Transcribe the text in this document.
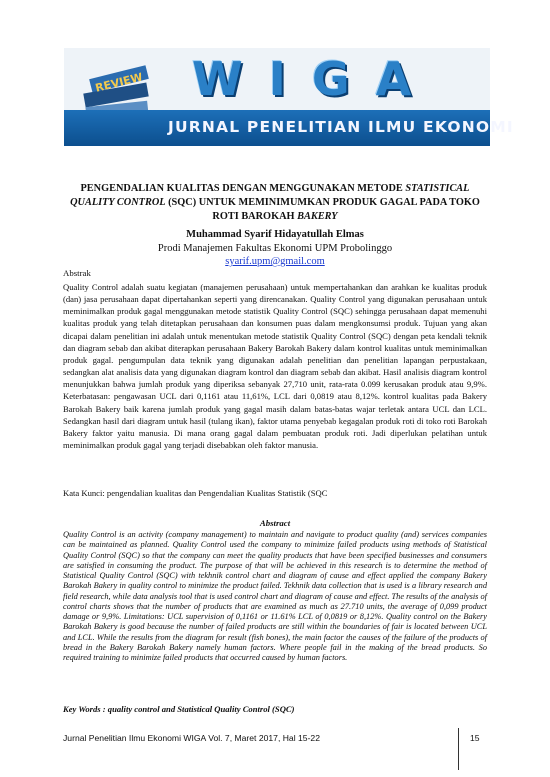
REVIEW WIGA
JURNAL PENELITIAN ILMU EKONOMI
PENGENDALIAN KUALITAS DENGAN MENGGUNAKAN METODE STATISTICAL QUALITY CONTROL (SQC) UNTUK MEMINIMUMKAN PRODUK GAGAL PADA TOKO ROTI BAROKAH BAKERY
Muhammad Syarif Hidayatullah Elmas
Prodi Manajemen Fakultas Ekonomi UPM Probolinggo
syarif.upm@gmail.com
Abstrak
Quality Control adalah suatu kegiatan (manajemen perusahaan) untuk mempertahankan dan arahkan ke kualitas produk (dan) jasa perusahaan dapat dipertahankan seperti yang direncanakan. Quality Control yang digunakan perusahaan untuk meminimalkan produk gagal menggunakan metode statistik Quality Control (SQC) sehingga perusahaan dapat memenuhi kualitas produk yang telah ditetapkan perusahaan dan konsumen puas dalam mengkonsumsi produk. Tujuan yang akan dicapai dalam penelitian ini adalah untuk menentukan metode statistik Quality Control (SQC) dengan peta kendali teknik dan diagram sebab dan akibat diterapkan perusahaan Bakery Barokah Bakery dalam kontrol kualitas untuk meminimalkan produk gagal. pengumpulan data teknik yang digunakan adalah penelitian dan penelitian lapangan perpustakaan, sedangkan alat analisis data yang digunakan diagram kontrol dan diagram sebab dan akibat. Hasil analisis diagram kontrol menunjukkan bahwa jumlah produk yang diperiksa sebanyak 27,710 unit, rata-rata 0.099 kerusakan produk atau 9,9%. Keterbatasan: pengawasan UCL dari 0,1161 atau 11,61%, LCL dari 0,0819 atau 8,12%. kontrol kualitas pada Bakery Barokah Bakery baik karena jumlah produk yang gagal masih dalam batas-batas wajar terletak antara UCL dan LCL. Sedangkan hasil dari diagram untuk hasil (tulang ikan), faktor utama penyebab kegagalan produk roti di toko roti Barokah Bakery faktor yaitu manusia. Di mana orang gagal dalam pembuatan produk roti. Jadi diperlukan pelatihan untuk meminimalkan produk gagal yang terjadi disebabkan oleh faktor manusia.
Kata Kunci: pengendalian kualitas dan Pengendalian Kualitas Statistik (SQC
Abstract
Quality Control is an activity (company management) to maintain and navigate to product quality (and) services companies can be maintained as planned. Quality Control used the company to minimize failed products using methods of Statistical Quality Control (SQC) so that the company can meet the quality products that have been specified businesses and consumers are satisfied in consuming the product. The purpose of that will be achieved in this research is to determine the method of Statistical Quality Control (SQC) with tekhnik control chart and diagram of cause and effect applied the company Bakery Barokah Bakery in quality control to minimize the product failed. Tekhnik data collection that is used is a library research and field research, while data analysis tool that is used control chart and diagram of cause and effect. The results of the analysis of control charts shows that the number of products that are examined as much as 27.710 units, the average of 0,099 product damage or 9,9%. Limitations: UCL supervision of 0,1161 or 11.61% LCL of 0,0819 or 8,12%. Quality control on the Bakery Barokah Bakery is good because the number of failed products are still within the boundaries of fair is located between UCL and LCL. While the results from the diagram for result (fish bones), the main factor the causes of the failure of the products of bread in the Bakery Barokah Bakery namely human factors. Where people fail in the making of the bread products. So required training to minimize failed products that occurred caused by human factors.
Key Words : quality control and Statistical Quality Control (SQC)
Jurnal Penelitian Ilmu Ekonomi WIGA Vol. 7, Maret 2017, Hal 15-22	15
